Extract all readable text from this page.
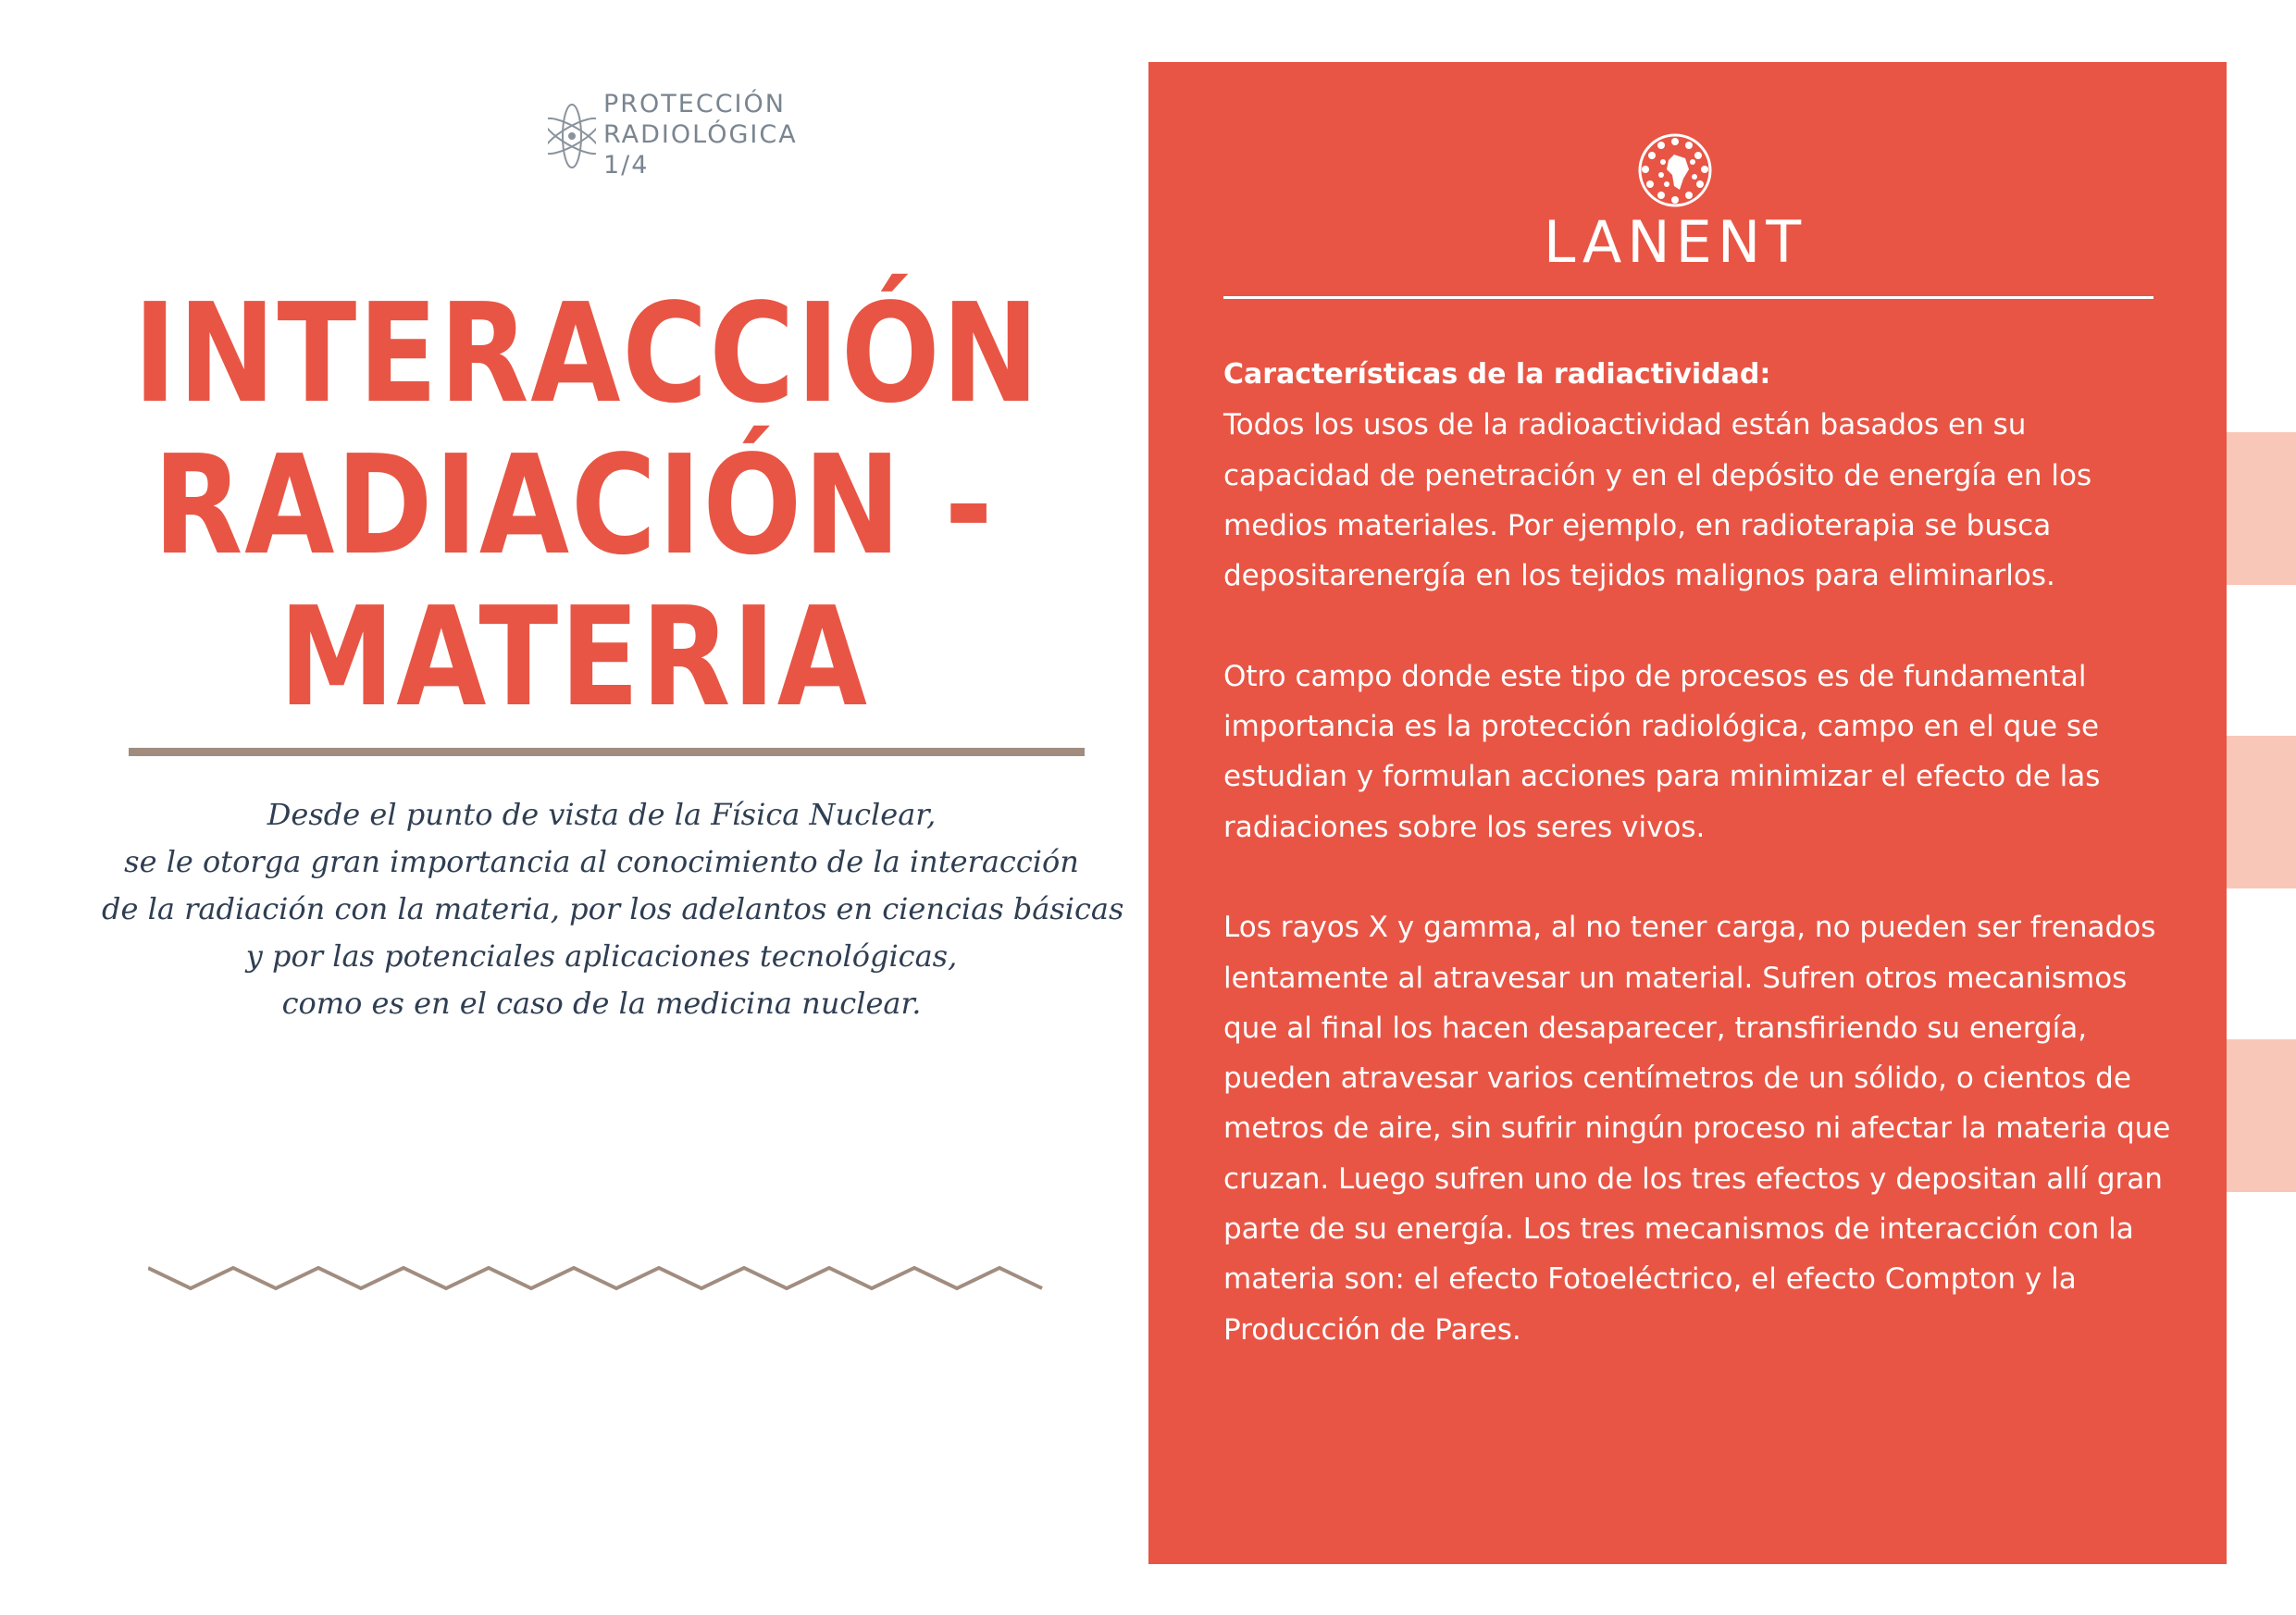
PROTECCIÓN
RADIOLÓGICA
1/4
INTERACCIÓN
RADIACIÓN -
MATERIA
Desde el punto de vista de la Física Nuclear,
se le otorga gran importancia al conocimiento de la interacción
de la radiación con la materia, por los adelantos en ciencias básicas
y por las potenciales aplicaciones tecnológicas,
como es en el caso de la medicina nuclear.
LANENT
Características de la radiactividad:
Todos los usos de la radioactividad están basados en su
capacidad de penetración y en el depósito de energía en los
medios materiales. Por ejemplo, en radioterapia se busca
depositarenergía en los tejidos malignos para eliminarlos.
Otro campo donde este tipo de procesos es de fundamental
importancia es la protección radiológica, campo en el que se
estudian y formulan acciones para minimizar el efecto de las
radiaciones sobre los seres vivos.
Los rayos X y gamma, al no tener carga, no pueden ser frenados
lentamente al atravesar un material. Sufren otros mecanismos
que al final los hacen desaparecer, transfiriendo su energía,
pueden atravesar varios centímetros de un sólido, o cientos de
metros de aire, sin sufrir ningún proceso ni afectar la materia que
cruzan. Luego sufren uno de los tres efectos y depositan allí gran
parte de su energía. Los tres mecanismos de interacción con la
materia son: el efecto Fotoeléctrico, el efecto Compton y la
Producción de Pares.
